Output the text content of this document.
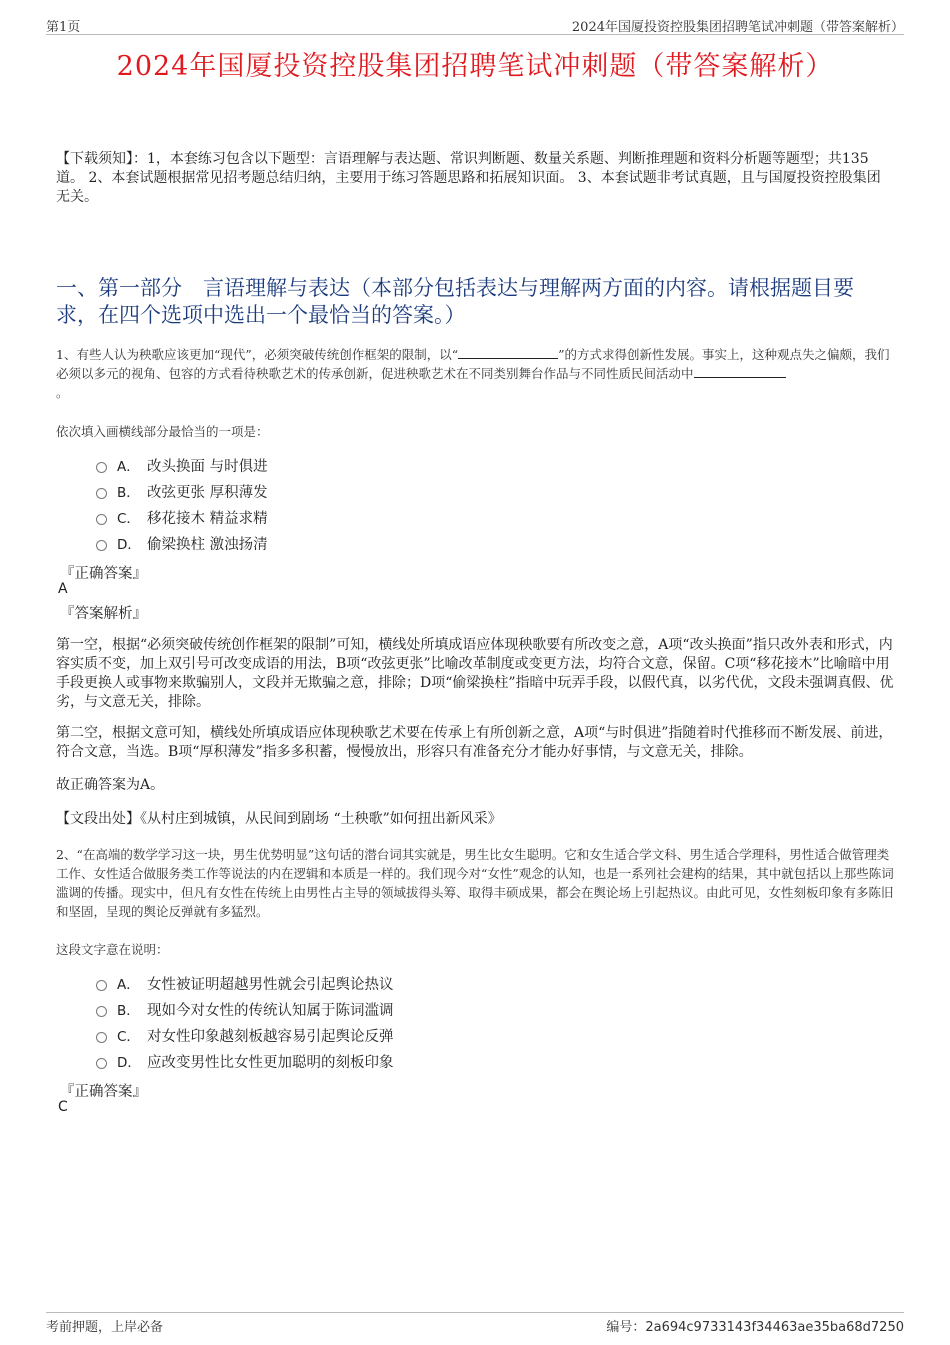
第1页	2024年国厦投资控股集团招聘笔试冲刺题（带答案解析）
2024年国厦投资控股集团招聘笔试冲刺题（带答案解析）
【下载须知】：1，本套练习包含以下题型：言语理解与表达题、常识判断题、数量关系题、判断推理题和资料分析题等题型；共135道。 2、本套试题根据常见招考题总结归纳，主要用于练习答题思路和拓展知识面。 3、本套试题非考试真题，且与国厦投资控股集团无关。
一、第一部分　言语理解与表达（本部分包括表达与理解两方面的内容。请根据题目要求，在四个选项中选出一个最恰当的答案。）
1、有些人认为秧歌应该更加“现代”，必须突破传统创作框架的限制，以“	”的方式求得创新性发展。事实上，这种观点失之偏颇，我们必须以多元的视角、包容的方式看待秧歌艺术的传承创新，促进秧歌艺术在不同类别舞台作品与不同性质民间活动中
。
依次填入画横线部分最恰当的一项是：
A． 改头换面 与时俱进
B． 改弦更张 厚积薄发
C． 移花接木 精益求精
D． 偷梁换柱 激浊扬清
『正确答案』
A
『答案解析』
第一空，根据“必须突破传统创作框架的限制”可知，横线处所填成语应体现秧歌要有所改变之意，A项“改头换面”指只改外表和形式，内容实质不变，加上双引号可改变成语的用法，B项“改弦更张”比喻改革制度或变更方法，均符合文意，保留。C项“移花接木”比喻暗中用手段更换人或事物来欺骗别人，文段并无欺骗之意，排除；D项“偷梁换柱”指暗中玩弄手段，以假代真，以劣代优，文段未强调真假、优劣，与文意无关，排除。
第二空，根据文意可知，横线处所填成语应体现秧歌艺术要在传承上有所创新之意，A项“与时俱进”指随着时代推移而不断发展、前进，符合文意，当选。B项“厚积薄发”指多多积蓄，慢慢放出，形容只有准备充分才能办好事情，与文意无关，排除。
故正确答案为A。
【文段出处】《从村庄到城镇，从民间到剧场 “土秧歌”如何扭出新风采》
2、“在高端的数学学习这一块，男生优势明显”这句话的潜台词其实就是，男生比女生聪明。它和女生适合学文科、男生适合学理科，男性适合做管理类工作、女性适合做服务类工作等说法的内在逻辑和本质是一样的。我们现今对“女性”观念的认知，也是一系列社会建构的结果，其中就包括以上那些陈词滥调的传播。现实中，但凡有女性在传统上由男性占主导的领域拔得头筹、取得丰硕成果，都会在舆论场上引起热议。由此可见，女性刻板印象有多陈旧和坚固，呈现的舆论反弹就有多猛烈。
这段文字意在说明：
A． 女性被证明超越男性就会引起舆论热议
B． 现如今对女性的传统认知属于陈词滥调
C． 对女性印象越刻板越容易引起舆论反弹
D． 应改变男性比女性更加聪明的刻板印象
『正确答案』
C
考前押题，上岸必备	编号：2a694c9733143f34463ae35ba68d7250
